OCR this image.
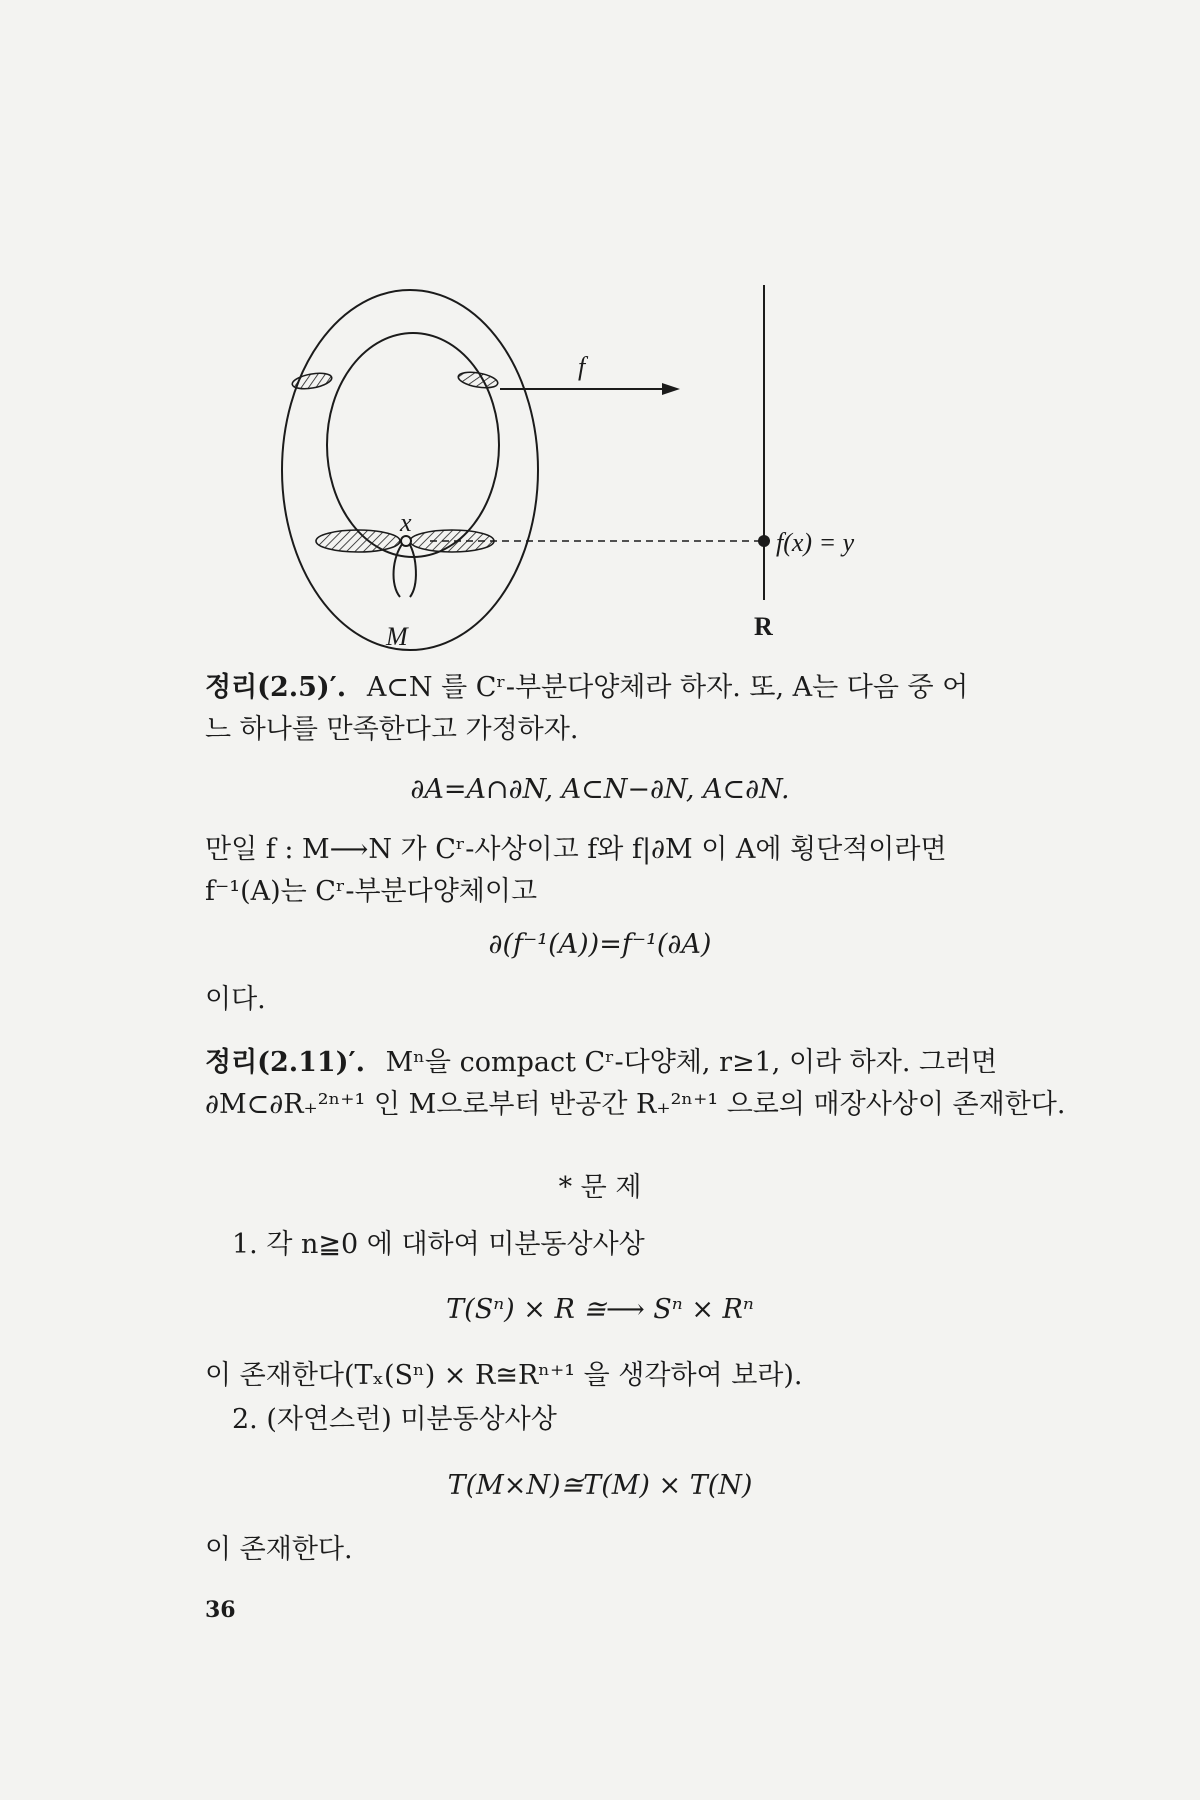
f
x
M
f(x) = y
R
정리(2.5)′. A⊂N 를 Cʳ-부분다양체라 하자. 또, A는 다음 중 어
느 하나를 만족한다고 가정하자.
∂A=A∩∂N, A⊂N−∂N, A⊂∂N.
만일 f : M⟶N 가 Cʳ-사상이고 f와 f|∂M 이 A에 횡단적이라면
f⁻¹(A)는 Cʳ-부분다양체이고
∂(f⁻¹(A))=f⁻¹(∂A)
이다.
정리(2.11)′. Mⁿ을 compact Cʳ-다양체, r≥1, 이라 하자. 그러면
∂M⊂∂R₊²ⁿ⁺¹ 인 M으로부터 반공간 R₊²ⁿ⁺¹ 으로의 매장사상이 존재한다.
* 문 제
1. 각 n≧0 에 대하여 미분동상사상
T(Sⁿ) × R ≅⟶ Sⁿ × Rⁿ
이 존재한다(Tₓ(Sⁿ) × R≅Rⁿ⁺¹ 을 생각하여 보라).
2. (자연스런) 미분동상사상
T(M×N)≅T(M) × T(N)
이 존재한다.
36
